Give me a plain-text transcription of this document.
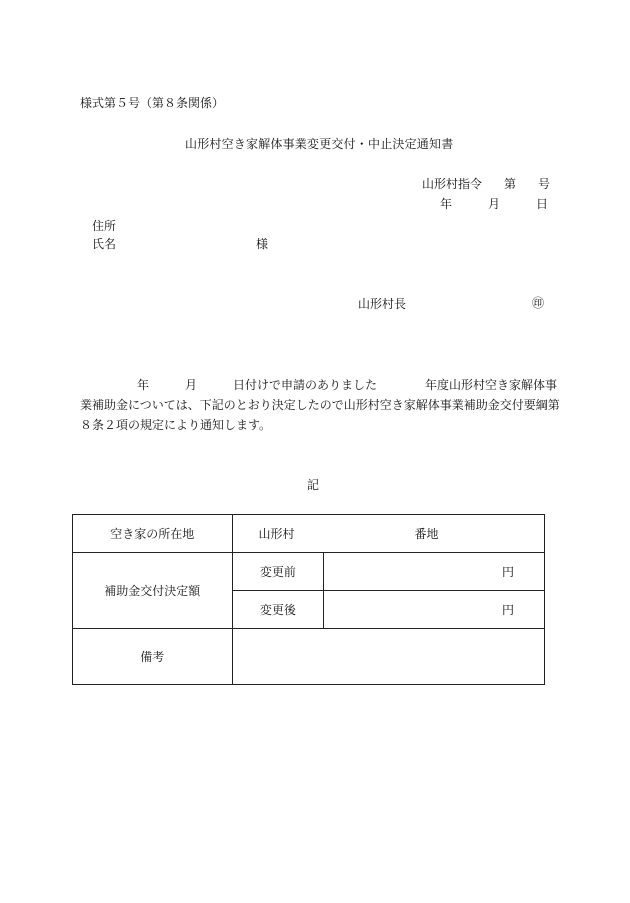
様式第５号（第８条関係）
山形村空き家解体事業変更交付・中止決定通知書
山形村指令 第 号
年	月	日
住所
氏名	様
山形村長	㊞
年　　　月　　　日付けで申請のありました　　　　年度山形村空き家解体事
業補助金については、下記のとおり決定したので山形村空き家解体事業補助金交付要綱第
８条２項の規定により通知します。
記
空き家の所在地	山形村 番地	
補助金交付決定額	変更前	円
	変更後	円
備考		
